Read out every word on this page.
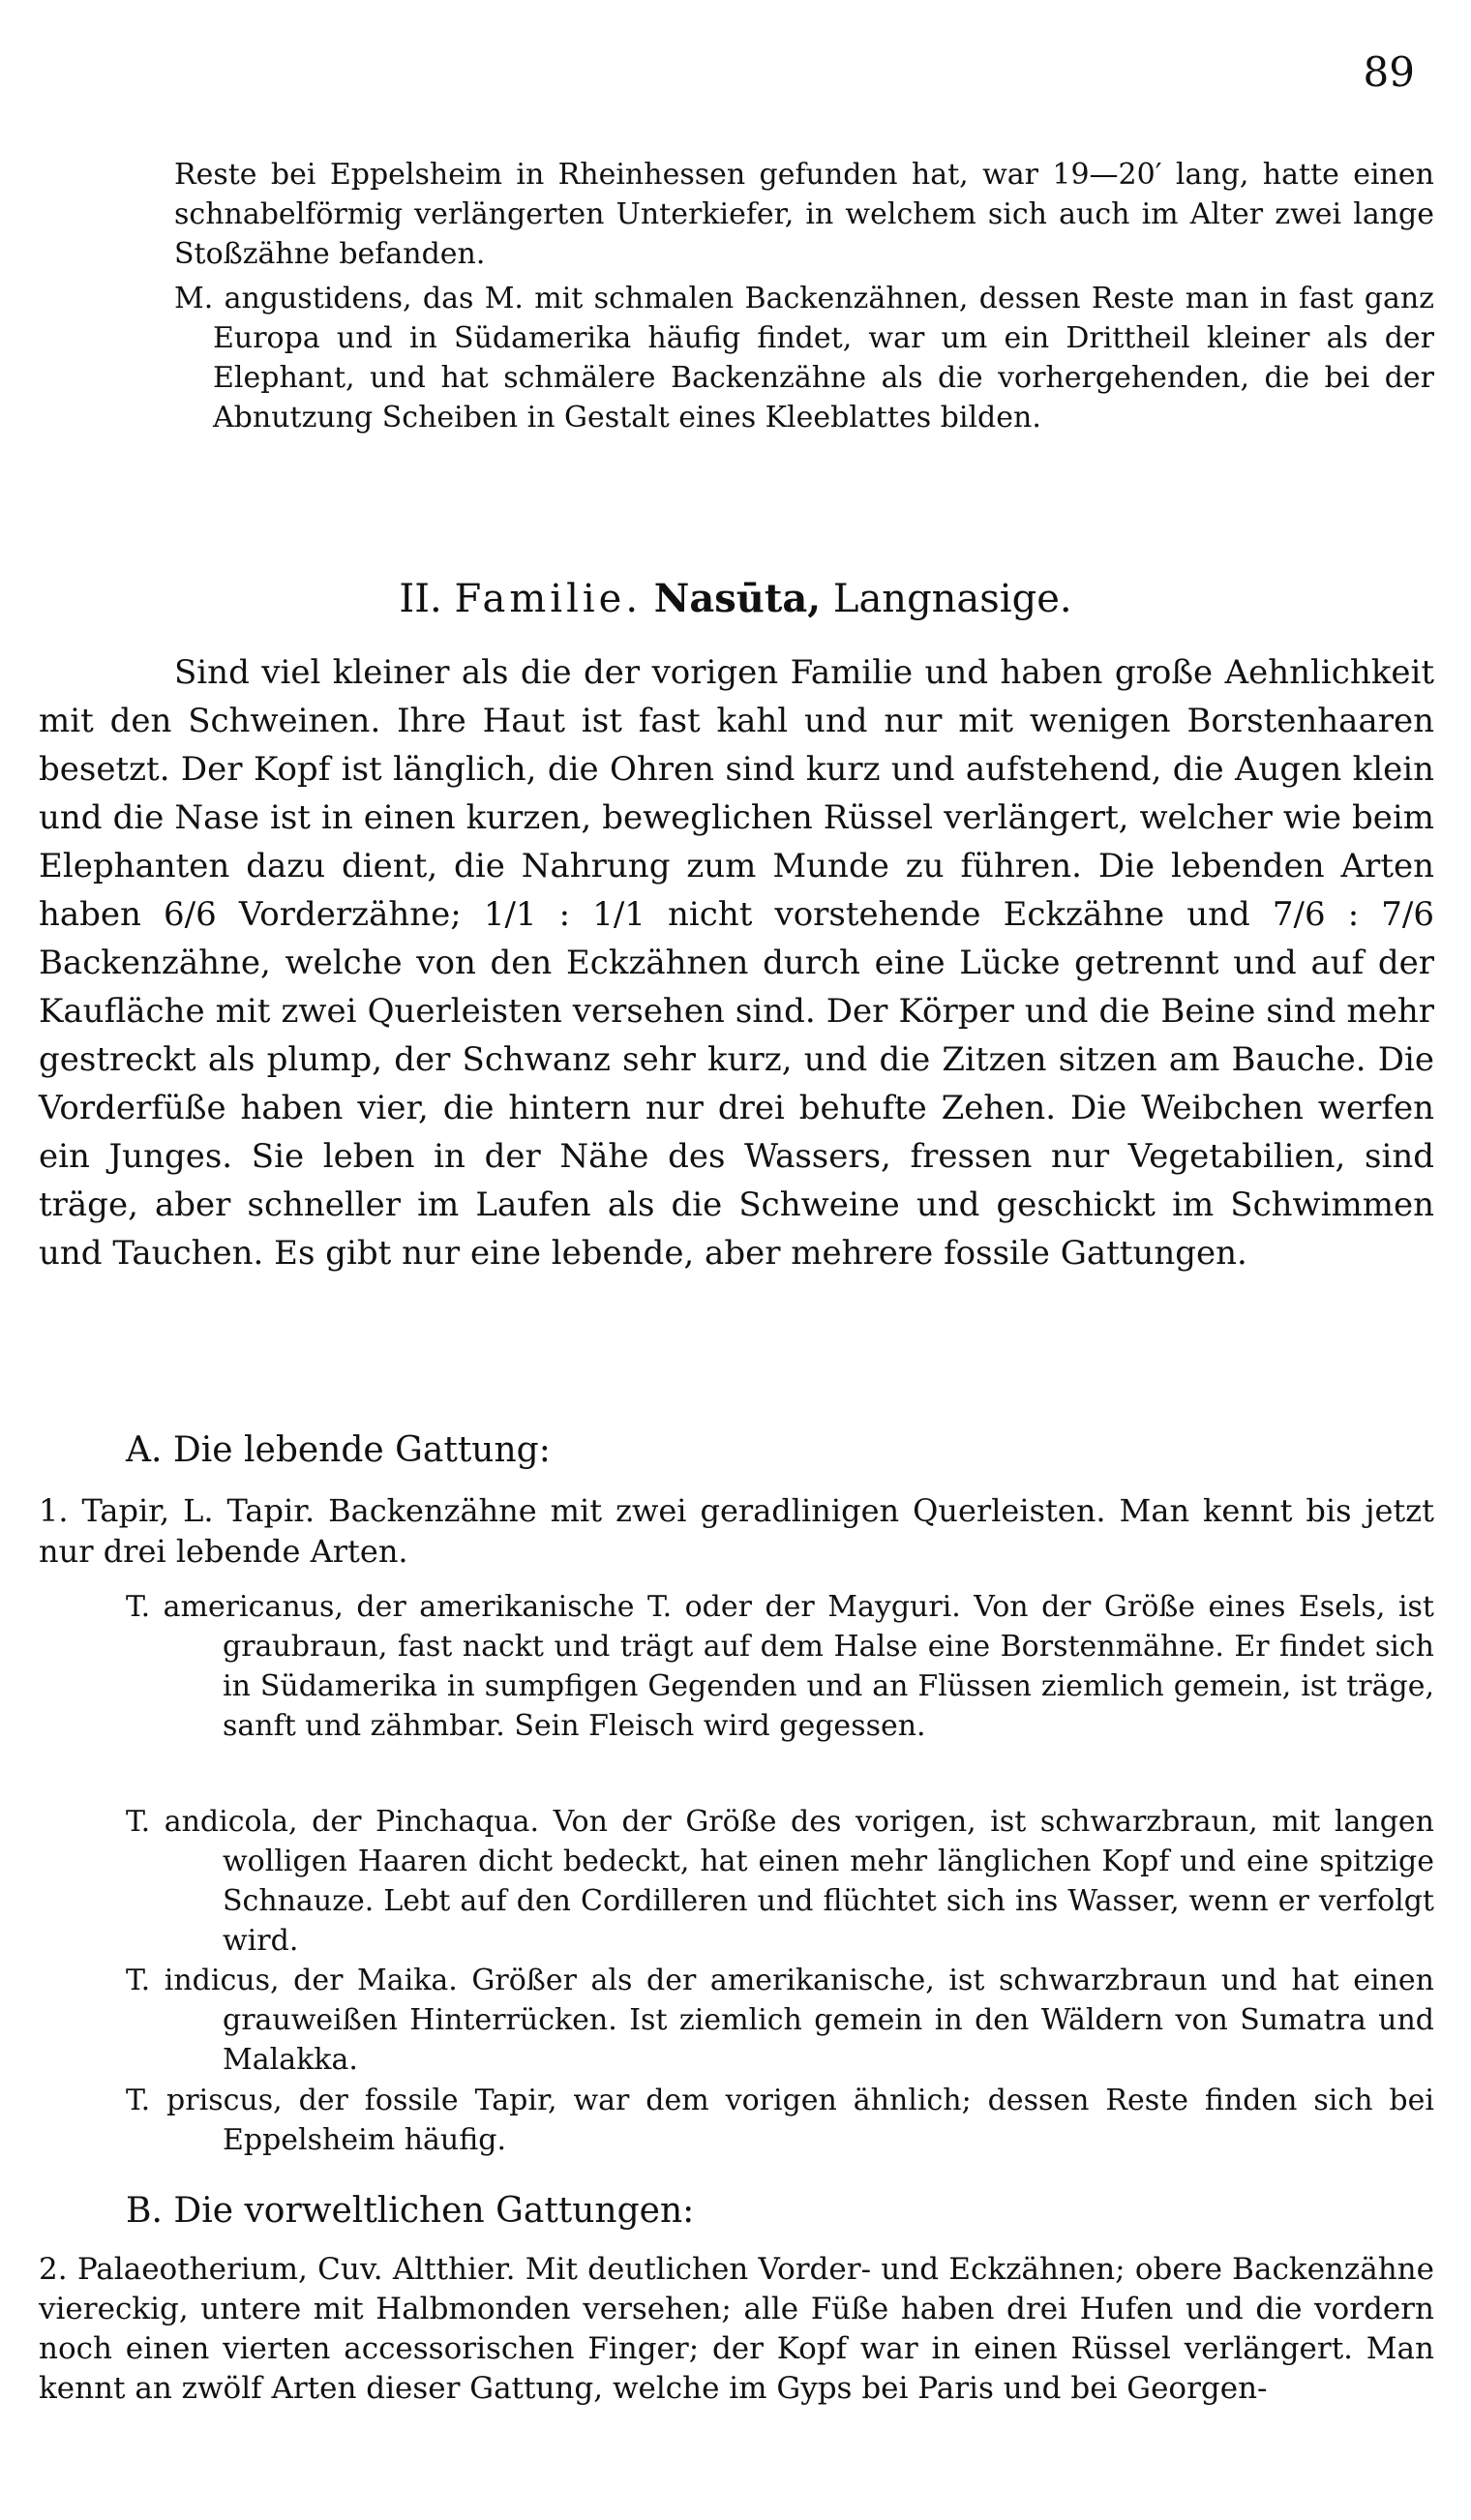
89

Reste bei Eppelsheim in Rheinhessen gefunden hat, war 19—20′ lang, hatte einen schnabelförmig verlängerten Unterkiefer, in welchem sich auch im Alter zwei lange Stoßzähne befanden.

M. angustidens, das M. mit schmalen Backenzähnen, dessen Reste man in fast ganz Europa und in Südamerika häufig findet, war um ein Drittheil kleiner als der Elephant, und hat schmälere Backenzähne als die vorhergehenden, die bei der Abnutzung Scheiben in Gestalt eines Kleeblattes bilden.

II. Familie. Nasūta, Langnasige.

Sind viel kleiner als die der vorigen Familie und haben große Aehnlichkeit mit den Schweinen. Ihre Haut ist fast kahl und nur mit wenigen Borstenhaaren besetzt. Der Kopf ist länglich, die Ohren sind kurz und aufstehend, die Augen klein und die Nase ist in einen kurzen, beweglichen Rüssel verlängert, welcher wie beim Elephanten dazu dient, die Nahrung zum Munde zu führen. Die lebenden Arten haben 6/6 Vorderzähne; 1/1 : 1/1 nicht vorstehende Eckzähne und 7/6 : 7/6 Backenzähne, welche von den Eckzähnen durch eine Lücke getrennt und auf der Kaufläche mit zwei Querleisten versehen sind. Der Körper und die Beine sind mehr gestreckt als plump, der Schwanz sehr kurz, und die Zitzen sitzen am Bauche. Die Vorderfüße haben vier, die hintern nur drei behufte Zehen. Die Weibchen werfen ein Junges. Sie leben in der Nähe des Wassers, fressen nur Vegetabilien, sind träge, aber schneller im Laufen als die Schweine und geschickt im Schwimmen und Tauchen. Es gibt nur eine lebende, aber mehrere fossile Gattungen.

A. Die lebende Gattung:

1. Tapir, L. Tapir. Backenzähne mit zwei geradlinigen Querleisten. Man kennt bis jetzt nur drei lebende Arten.

T. americanus, der amerikanische T. oder der Mayguri. Von der Größe eines Esels, ist graubraun, fast nackt und trägt auf dem Halse eine Borstenmähne. Er findet sich in Südamerika in sumpfigen Gegenden und an Flüssen ziemlich gemein, ist träge, sanft und zähmbar. Sein Fleisch wird gegessen.

T. andicola, der Pinchaqua. Von der Größe des vorigen, ist schwarzbraun, mit langen wolligen Haaren dicht bedeckt, hat einen mehr länglichen Kopf und eine spitzige Schnauze. Lebt auf den Cordilleren und flüchtet sich ins Wasser, wenn er verfolgt wird.

T. indicus, der Maika. Größer als der amerikanische, ist schwarzbraun und hat einen grauweißen Hinterrücken. Ist ziemlich gemein in den Wäldern von Sumatra und Malakka.

T. priscus, der fossile Tapir, war dem vorigen ähnlich; dessen Reste finden sich bei Eppelsheim häufig.

B. Die vorweltlichen Gattungen:

2. Palaeotherium, Cuv. Altthier. Mit deutlichen Vorder- und Eckzähnen; obere Backenzähne viereckig, untere mit Halbmonden versehen; alle Füße haben drei Hufen und die vordern noch einen vierten accessorischen Finger; der Kopf war in einen Rüssel verlängert. Man kennt an zwölf Arten dieser Gattung, welche im Gyps bei Paris und bei Georgen-
